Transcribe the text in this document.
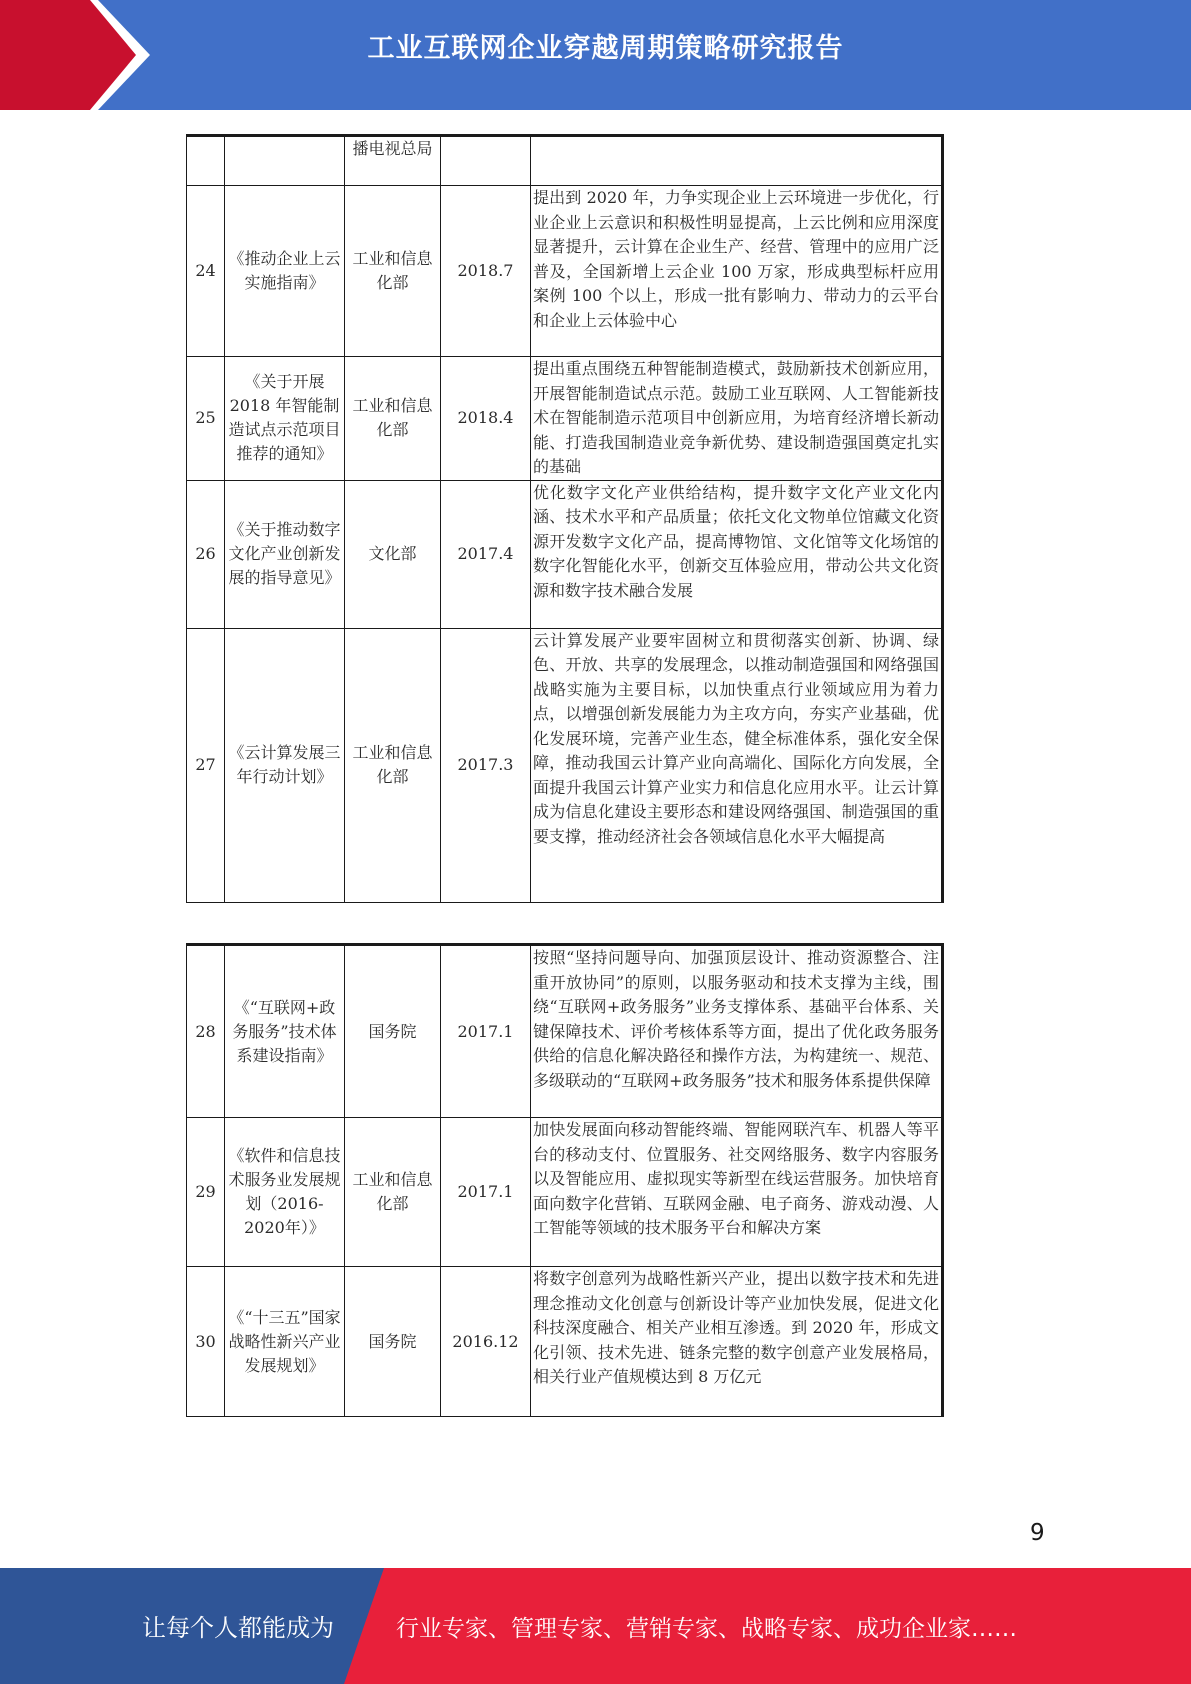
工业互联网企业穿越周期策略研究报告
		播电视总局		
24	《推动企业上云实施指南》	工业和信息化部	2018.7	提出到 2020 年，力争实现企业上云环境进一步优化，行业企业上云意识和积极性明显提高，上云比例和应用深度显著提升，云计算在企业生产、经营、管理中的应用广泛普及，全国新增上云企业 100 万家，形成典型标杆应用案例 100 个以上，形成一批有影响力、带动力的云平台和企业上云体验中心
25	《关于开展2018 年智能制造试点示范项目推荐的通知》	工业和信息化部	2018.4	提出重点围绕五种智能制造模式，鼓励新技术创新应用，开展智能制造试点示范。鼓励工业互联网、人工智能新技术在智能制造示范项目中创新应用，为培育经济增长新动能、打造我国制造业竞争新优势、建设制造强国奠定扎实的基础
26	《关于推动数字文化产业创新发展的指导意见》	文化部	2017.4	优化数字文化产业供给结构，提升数字文化产业文化内涵、技术水平和产品质量；依托文化文物单位馆藏文化资源开发数字文化产品，提高博物馆、文化馆等文化场馆的数字化智能化水平，创新交互体验应用，带动公共文化资源和数字技术融合发展
27	《云计算发展三年行动计划》	工业和信息化部	2017.3	云计算发展产业要牢固树立和贯彻落实创新、协调、绿色、开放、共享的发展理念，以推动制造强国和网络强国战略实施为主要目标，以加快重点行业领域应用为着力点，以增强创新发展能力为主攻方向，夯实产业基础，优化发展环境，完善产业生态，健全标准体系，强化安全保障，推动我国云计算产业向高端化、国际化方向发展，全面提升我国云计算产业实力和信息化应用水平。让云计算成为信息化建设主要形态和建设网络强国、制造强国的重要支撑，推动经济社会各领域信息化水平大幅提高
28	《“互联网+政务服务”技术体系建设指南》	国务院	2017.1	按照“坚持问题导向、加强顶层设计、推动资源整合、注重开放协同”的原则，以服务驱动和技术支撑为主线，围绕“互联网+政务服务”业务支撑体系、基础平台体系、关键保障技术、评价考核体系等方面，提出了优化政务服务供给的信息化解决路径和操作方法，为构建统一、规范、多级联动的“互联网+政务服务”技术和服务体系提供保障
29	《软件和信息技术服务业发展规划（2016-2020年）》	工业和信息化部	2017.1	加快发展面向移动智能终端、智能网联汽车、机器人等平台的移动支付、位置服务、社交网络服务、数字内容服务以及智能应用、虚拟现实等新型在线运营服务。加快培育面向数字化营销、互联网金融、电子商务、游戏动漫、人工智能等领域的技术服务平台和解决方案
30	《“十三五”国家战略性新兴产业发展规划》	国务院	2016.12	将数字创意列为战略性新兴产业，提出以数字技术和先进理念推动文化创意与创新设计等产业加快发展，促进文化科技深度融合、相关产业相互渗透。到 2020 年，形成文化引领、技术先进、链条完整的数字创意产业发展格局，相关行业产值规模达到 8 万亿元
9
让每个人都能成为	行业专家、管理专家、营销专家、战略专家、成功企业家……
